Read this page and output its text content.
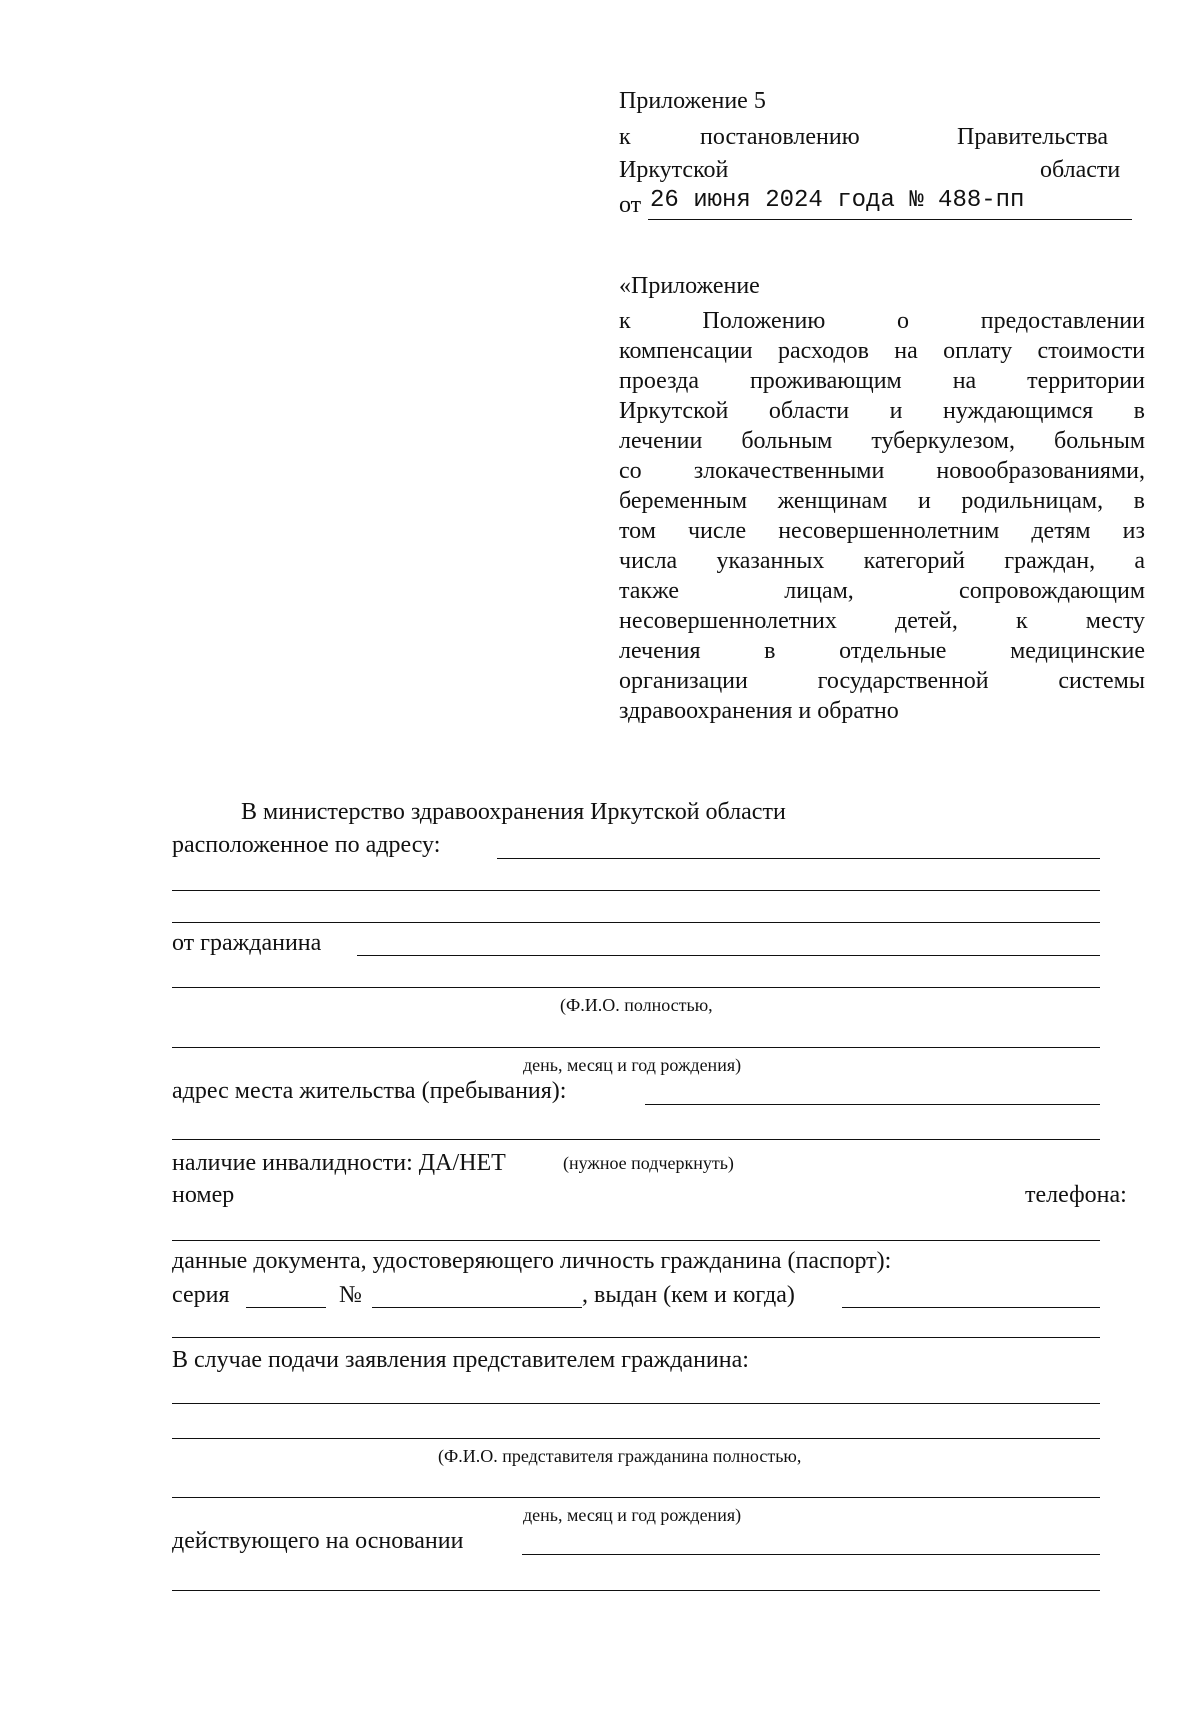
Приложение 5
к	постановлению	Правительства
Иркутской	области
от 26 июня 2024 года № 488-пп
«Приложение
к Положению о предоставлении
компенсации расходов на оплату стоимости
проезда проживающим на территории
Иркутской области и нуждающимся в
лечении больным туберкулезом, больным
со злокачественными новообразованиями,
беременным женщинам и родильницам, в
том числе несовершеннолетним детям из
числа указанных категорий граждан, а
также лицам, сопровождающим
несовершеннолетних детей, к месту
лечения в отдельные медицинские
организации государственной системы
здравоохранения и обратно
В министерство здравоохранения Иркутской области
расположенное по адресу:
от гражданина
(Ф.И.О. полностью,
день, месяц и год рождения)
адрес места жительства (пребывания):
наличие инвалидности: ДА/НЕТ	(нужное подчеркнуть)
номер	телефона:
данные документа, удостоверяющего личность гражданина (паспорт):
серия	№	, выдан (кем и когда)
В случае подачи заявления представителем гражданина:
(Ф.И.О. представителя гражданина полностью,
день, месяц и год рождения)
действующего на основании
